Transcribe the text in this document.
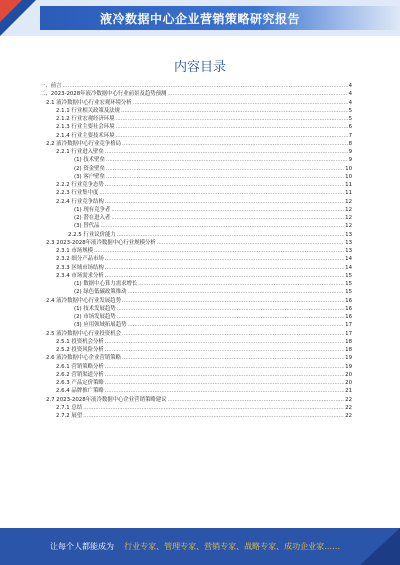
液冷数据中心企业营销策略研究报告
内容目录
一、前言 .....	4
二、2023-2028年液冷数据中心行业前景及趋势预测 .....	4
2.1 液冷数据中心行业宏观环境分析 .....	4
2.1.1 行业相关政策及法规 .....	5
2.1.2 行业宏观经济环境 .....	5
2.1.3 行业主要社会环境 .....	6
2.1.4 行业主要技术环境 .....	7
2.2 液冷数据中心行业竞争格局 .....	8
2.2.1 行业进入壁垒 .....	9
(1) 技术壁垒 .....	9
(2) 资金壁垒 .....	10
(3) 客户壁垒 .....	10
2.2.2 行业竞争态势 .....	11
2.2.3 行业集中度 .....	11
2.2.4 行业竞争结构 .....	12
(1) 现有竞争者 .....	12
(2) 潜在进入者 .....	12
(3) 替代品 .....	12
2.2.5 行业议价能力 .....	13
2.3 2023-2028年液冷数据中心行业规模分析 .....	13
2.3.1 市场规模 .....	13
2.3.2 细分产品市场 .....	14
2.3.3 区域市场结构 .....	14
2.3.4 市场需求分析 .....	15
(1) 数据中心算力需求增长 .....	15
(2) 绿色低碳政策推动 .....	15
2.4 液冷数据中心行业发展趋势 .....	16
(1) 技术发展趋势 .....	16
(2) 市场发展趋势 .....	16
(3) 应用领域拓展趋势 .....	17
2.5 液冷数据中心行业投资机会 .....	17
2.5.1 投资机会分析 .....	18
2.5.2 投资风险分析 .....	18
2.6 液冷数据中心企业营销策略 .....	19
2.6.1 营销策略分析 .....	19
2.6.2 营销渠道分析 .....	20
2.6.3 产品定价策略 .....	20
2.6.4 品牌推广策略 .....	21
2.7 2023-2028年液冷数据中心企业营销策略建议 .....	22
2.7.1 总结 .....	22
2.7.2 展望 .....	22
让每个人都能成为 行业专家、管理专家、营销专家、战略专家、成功企业家……
